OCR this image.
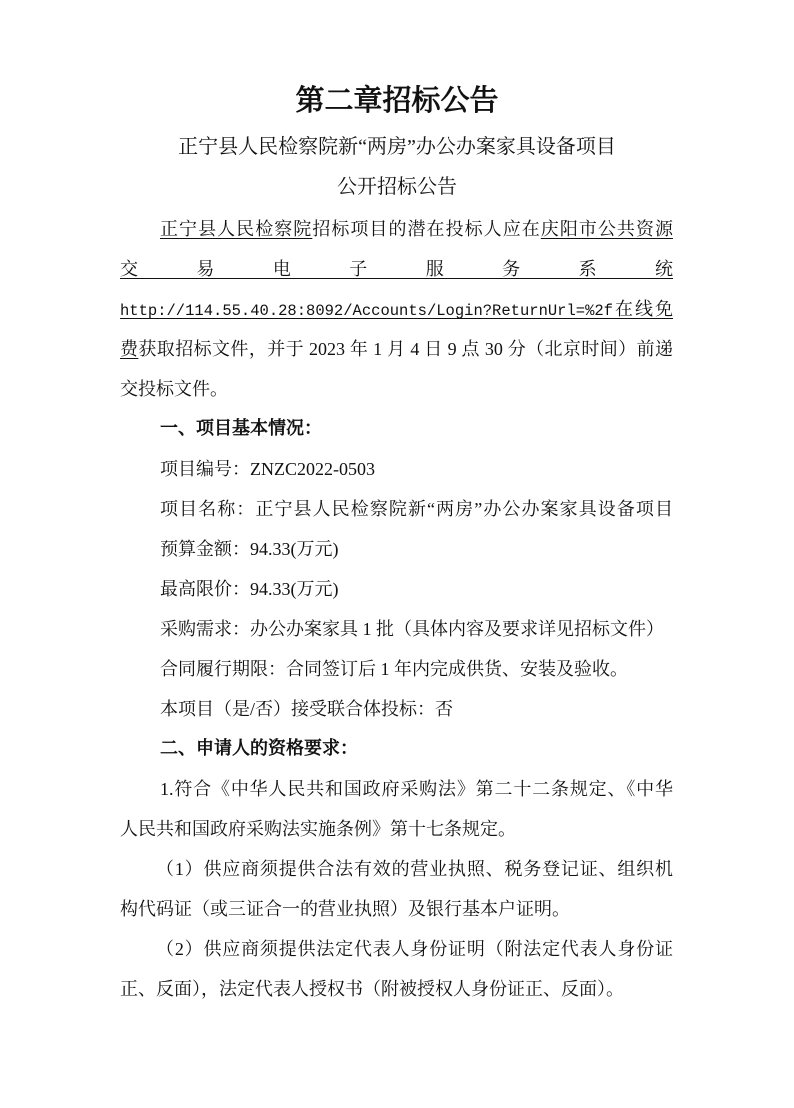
第二章招标公告
正宁县人民检察院新“两房”办公办案家具设备项目
公开招标公告
正宁县人民检察院招标项目的潜在投标人应在庆阳市公共资源
交易电子服务系统
http://114.55.40.28:8092/Accounts/Login?ReturnUrl=%2f在线免
费获取招标文件，并于 2023 年 1 月 4 日 9 点 30 分（北京时间）前递
交投标文件。
一、项目基本情况：
项目编号：ZNZC2022-0503
项目名称：正宁县人民检察院新“两房”办公办案家具设备项目
预算金额：94.33(万元)
最高限价：94.33(万元)
采购需求：办公办案家具 1 批（具体内容及要求详见招标文件）
合同履行期限：合同签订后 1 年内完成供货、安装及验收。
本项目（是/否）接受联合体投标：否
二、申请人的资格要求：
1.符合《中华人民共和国政府采购法》第二十二条规定、《中华
人民共和国政府采购法实施条例》第十七条规定。
（1）供应商须提供合法有效的营业执照、税务登记证、组织机
构代码证（或三证合一的营业执照）及银行基本户证明。
（2）供应商须提供法定代表人身份证明（附法定代表人身份证
正、反面），法定代表人授权书（附被授权人身份证正、反面）。
